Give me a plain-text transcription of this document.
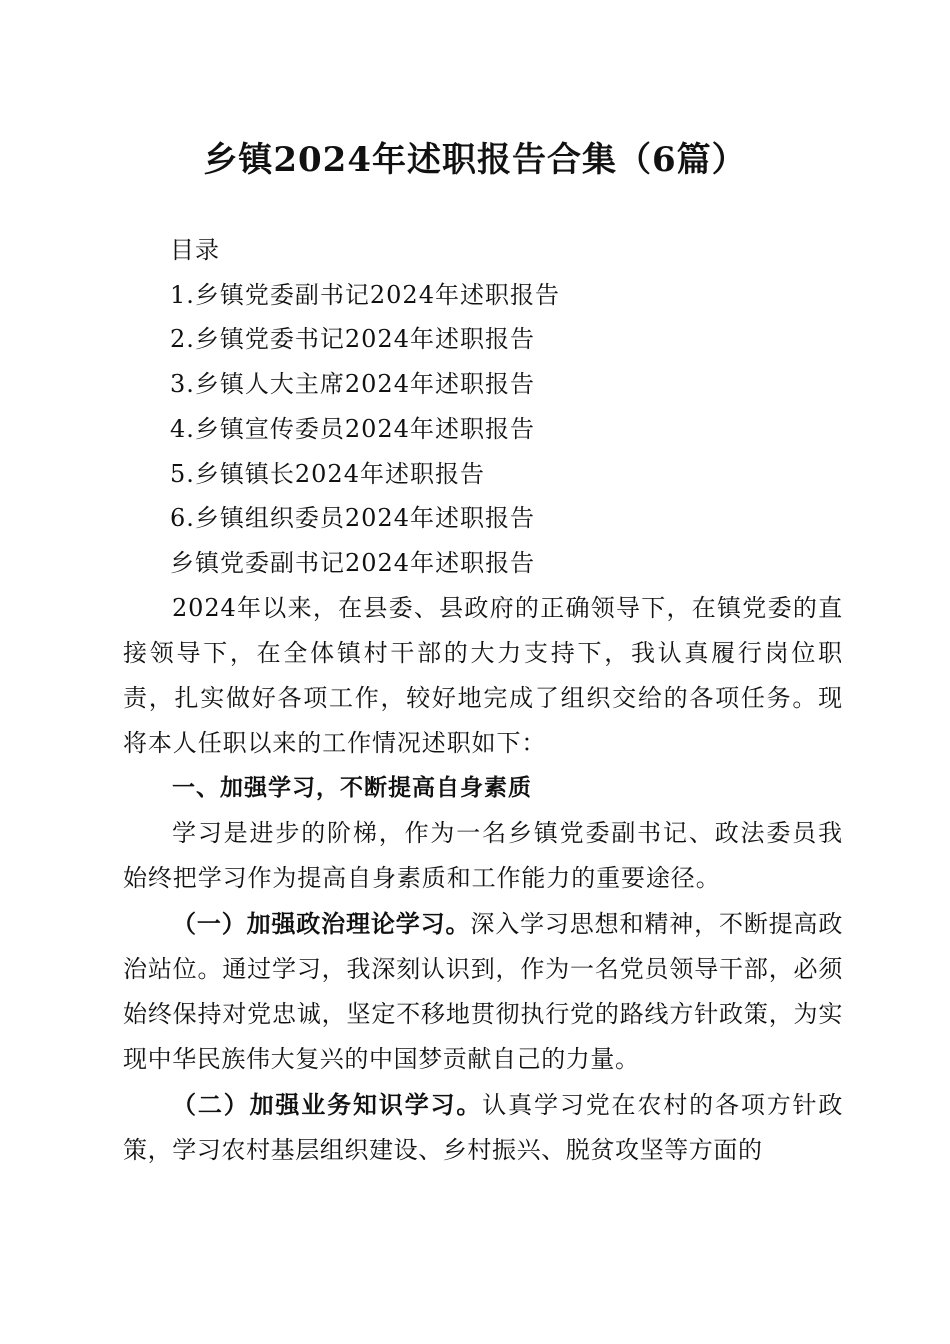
乡镇2024年述职报告合集（6篇）
目录
1.乡镇党委副书记2024年述职报告
2.乡镇党委书记2024年述职报告
3.乡镇人大主席2024年述职报告
4.乡镇宣传委员2024年述职报告
5.乡镇镇长2024年述职报告
6.乡镇组织委员2024年述职报告
乡镇党委副书记2024年述职报告

2024年以来，在县委、县政府的正确领导下，在镇党委的直接领导下，在全体镇村干部的大力支持下，我认真履行岗位职责，扎实做好各项工作，较好地完成了组织交给的各项任务。现将本人任职以来的工作情况述职如下：

一、加强学习，不断提高自身素质

学习是进步的阶梯，作为一名乡镇党委副书记、政法委员我始终把学习作为提高自身素质和工作能力的重要途径。

（一）加强政治理论学习。深入学习思想和精神，不断提高政治站位。通过学习，我深刻认识到，作为一名党员领导干部，必须始终保持对党忠诚，坚定不移地贯彻执行党的路线方针政策，为实现中华民族伟大复兴的中国梦贡献自己的力量。

（二）加强业务知识学习。认真学习党在农村的各项方针政策，学习农村基层组织建设、乡村振兴、脱贫攻坚等方面的
